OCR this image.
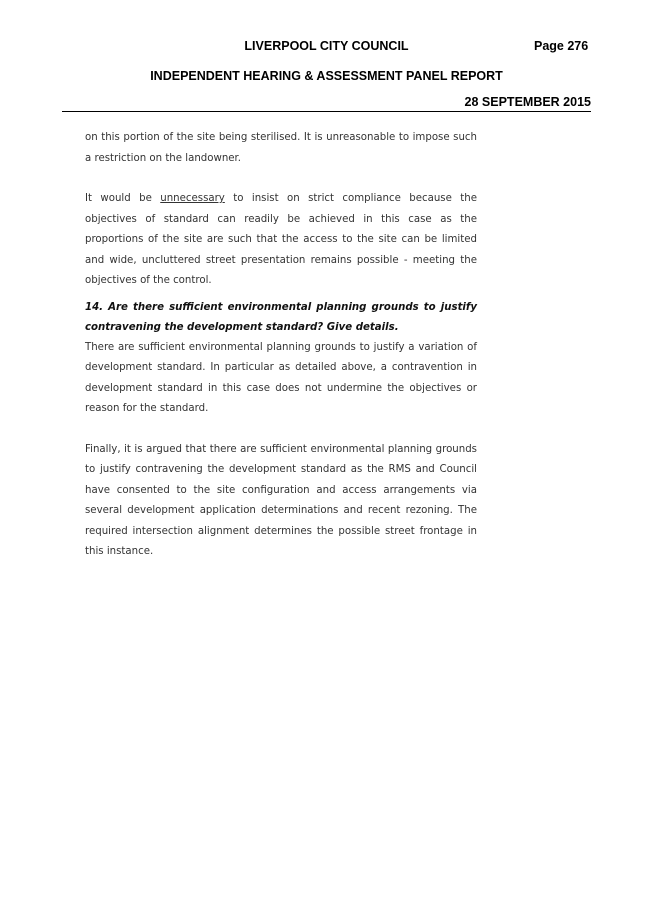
LIVERPOOL CITY COUNCIL	Page 276
INDEPENDENT HEARING & ASSESSMENT PANEL REPORT
28 SEPTEMBER 2015

on this portion of the site being sterilised. It is unreasonable to impose such a restriction on the landowner.

It would be unnecessary to insist on strict compliance because the objectives of standard can readily be achieved in this case as the proportions of the site are such that the access to the site can be limited and wide, uncluttered street presentation remains possible - meeting the objectives of the control.

14. Are there sufficient environmental planning grounds to justify contravening the development standard? Give details.

There are sufficient environmental planning grounds to justify a variation of development standard. In particular as detailed above, a contravention in development standard in this case does not undermine the objectives or reason for the standard.

Finally, it is argued that there are sufficient environmental planning grounds to justify contravening the development standard as the RMS and Council have consented to the site configuration and access arrangements via several development application determinations and recent rezoning. The required intersection alignment determines the possible street frontage in this instance.
